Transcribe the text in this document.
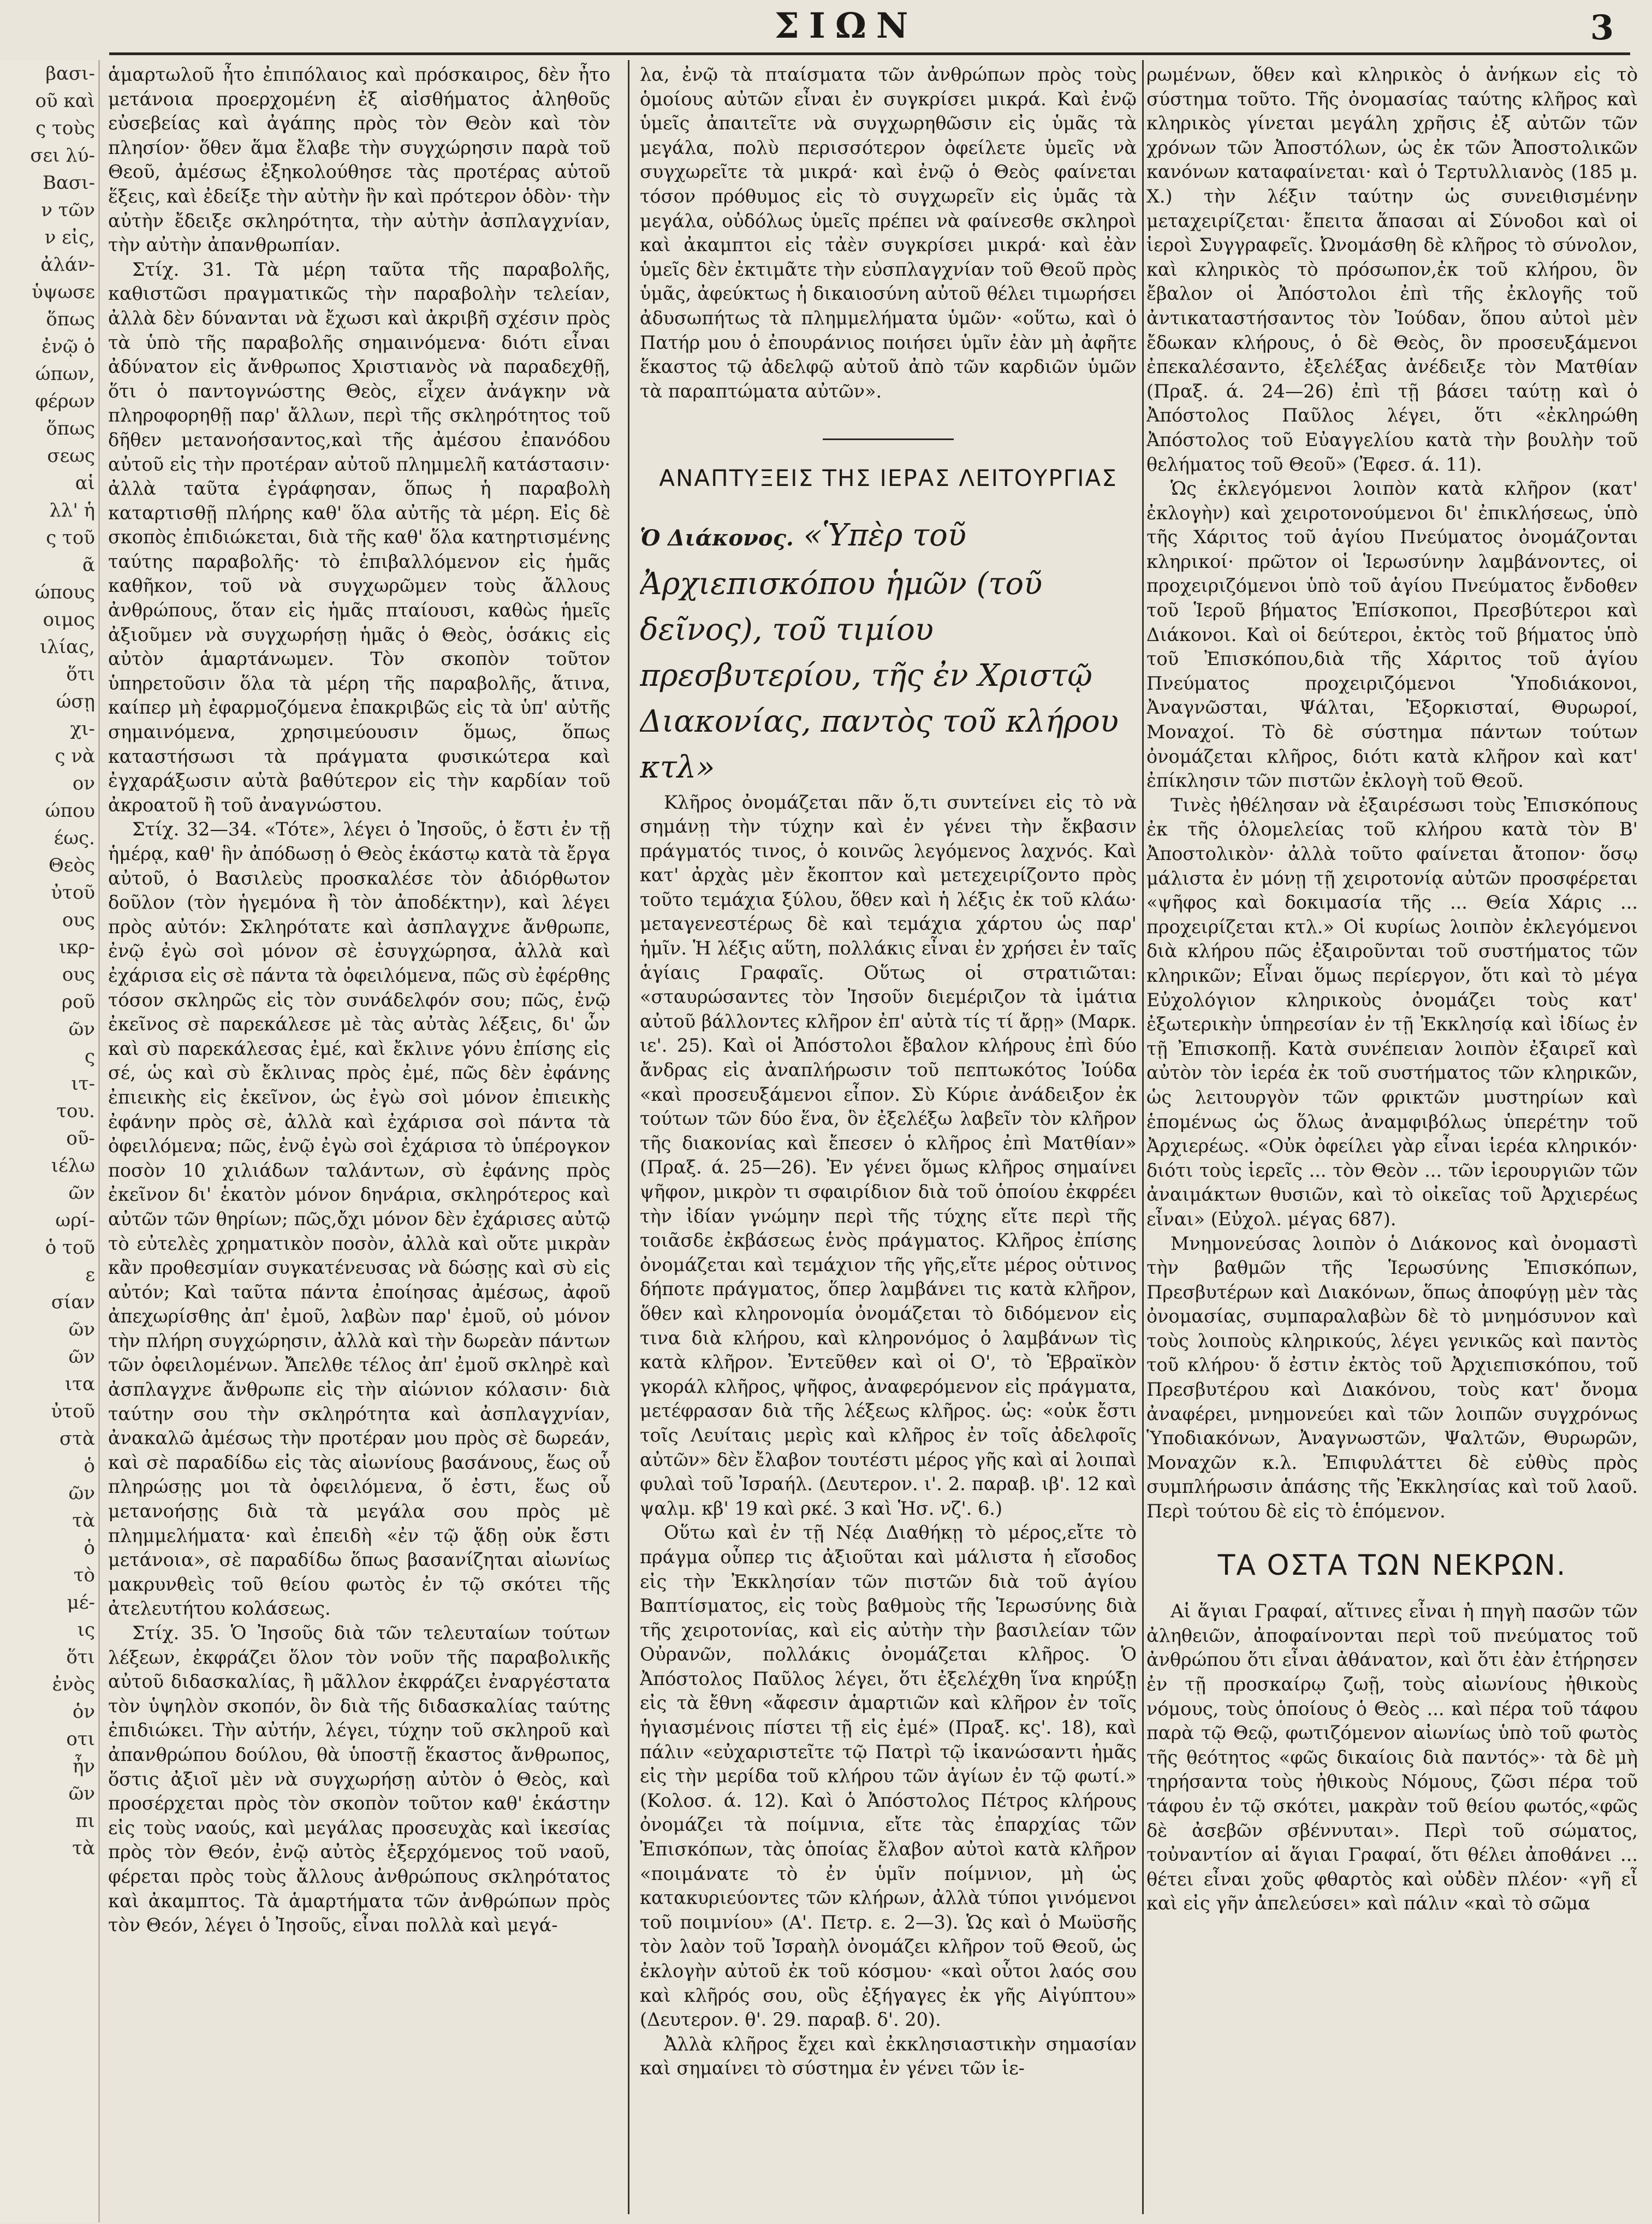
ΣΙΩΝ	3

βασι-

οῦ καὶ

ς τοὺς

σει λύ-

Βασι-

ν τῶν

ν εἰς,

ἀλάν-

ὑψωσε

ὅπως

ἐνῷ ὁ

ώπων,

φέρων

ὅπως

σεως

αἱ

λλ' ἡ

ς τοῦ

ᾶ

ώπους

οιμος

ιλίας,

ὅτι

ώσῃ

χι-

ς νὰ

ον

ώπου

έως.

Θεὸς

ὐτοῦ

ους

ικρ-

ους

ροῦ

ῶν

ς

ιτ-

του.

οῦ-

ιέλω

ῶν

ωρί-

ὁ τοῦ

ε

σίαν

ῶν

ῶν

ιτα

ὐτοῦ

στὰ

ὁ

ῶν

τὰ

ὁ

τὸ

μέ-

ις

ὅτι

ἐνὸς

ὁν

οτι

ἦν

ῶν

πι

τὰ

ἁμαρτωλοῦ ἦτο ἐπιπόλαιος καὶ πρόσκαιρος, δὲν ἦτο μετάνοια προερχομένη ἐξ αἰσθήματος ἀληθοῦς εὐσεβείας καὶ ἀγάπης πρὸς τὸν Θεὸν καὶ τὸν πλησίον· ὅθεν ἅμα ἔλαβε τὴν συγχώρησιν παρὰ τοῦ Θεοῦ, ἀμέσως ἐξηκολούθησε τὰς προτέρας αὑτοῦ ἕξεις, καὶ ἐδείξε τὴν αὐτὴν ἣν καὶ πρότερον ὁδὸν· τὴν αὐτὴν ἔδειξε σκληρότητα, τὴν αὐτὴν ἀσπλαγχνίαν, τὴν αὐτὴν ἀπανθρωπίαν.

Στίχ. 31. Τὰ μέρη ταῦτα τῆς παραβολῆς, καθιστῶσι πραγματικῶς τὴν παραβολὴν τελείαν, ἀλλὰ δὲν δύνανται νὰ ἔχωσι καὶ ἀκριβῆ σχέσιν πρὸς τὰ ὑπὸ τῆς παραβολῆς σημαινόμενα· διότι εἶναι ἀδύνατον εἰς ἄνθρωπος Χριστιανὸς νὰ παραδεχθῇ, ὅτι ὁ παντογνώστης Θεὸς, εἶχεν ἀνάγκην νὰ πληροφορηθῇ παρ' ἄλλων, περὶ τῆς σκληρότητος τοῦ δῆθεν μετανοήσαντος,καὶ τῆς ἀμέσου ἐπανόδου αὐτοῦ εἰς τὴν προτέραν αὐτοῦ πλημμελῆ κατάστασιν· ἀλλὰ ταῦτα ἐγράφησαν, ὅπως ἡ παραβολὴ καταρτισθῇ πλήρης καθ' ὅλα αὐτῆς τὰ μέρη. Εἰς δὲ σκοπὸς ἐπιδιώκεται, διὰ τῆς καθ' ὅλα κατηρτισμένης ταύτης παραβολῆς· τὸ ἐπιβαλλόμενον εἰς ἡμᾶς καθῆκον, τοῦ νὰ συγχωρῶμεν τοὺς ἄλλους ἀνθρώπους, ὅταν εἰς ἡμᾶς πταίουσι, καθὼς ἡμεῖς ἀξιοῦμεν νὰ συγχωρήσῃ ἡμᾶς ὁ Θεὸς, ὁσάκις εἰς αὐτὸν ἁμαρτάνωμεν. Τὸν σκοπὸν τοῦτον ὑπηρετοῦσιν ὅλα τὰ μέρη τῆς παραβολῆς, ἅτινα, καίπερ μὴ ἐφαρμοζόμενα ἐπακριβῶς εἰς τὰ ὑπ' αὐτῆς σημαινόμενα, χρησιμεύουσιν ὅμως, ὅπως καταστήσωσι τὰ πράγματα φυσικώτερα καὶ ἐγχαράξωσιν αὐτὰ βαθύτερον εἰς τὴν καρδίαν τοῦ ἀκροατοῦ ἢ τοῦ ἀναγνώστου.

Στίχ. 32—34. «Τότε», λέγει ὁ Ἰησοῦς, ὁ ἔστι ἐν τῇ ἡμέρᾳ, καθ' ἣν ἀπόδωσῃ ὁ Θεὸς ἑκάστῳ κατὰ τὰ ἔργα αὐτοῦ, ὁ Βασιλεὺς προσκαλέσε τὸν ἀδιόρθωτον δοῦλον (τὸν ἡγεμόνα ἢ τὸν ἀποδέκτην), καὶ λέγει πρὸς αὐτόν: Σκληρότατε καὶ ἀσπλαγχνε ἄνθρωπε, ἐνῷ ἐγὼ σοὶ μόνον σὲ ἐσυγχώρησα, ἀλλὰ καὶ ἐχάρισα εἰς σὲ πάντα τὰ ὀφειλόμενα, πῶς σὺ ἐφέρθης τόσον σκληρῶς εἰς τὸν συνάδελφόν σου; πῶς, ἐνῷ ἐκεῖνος σὲ παρεκάλεσε μὲ τὰς αὐτὰς λέξεις, δι' ὧν καὶ σὺ παρεκάλεσας ἐμέ, καὶ ἔκλινε γόνυ ἐπίσης εἰς σέ, ὡς καὶ σὺ ἔκλινας πρὸς ἐμέ, πῶς δὲν ἐφάνης ἐπιεικὴς εἰς ἐκεῖνον, ὡς ἐγὼ σοὶ μόνον ἐπιεικὴς ἐφάνην πρὸς σὲ, ἀλλὰ καὶ ἐχάρισα σοὶ πάντα τὰ ὀφειλόμενα; πῶς, ἐνῷ ἐγὼ σοὶ ἐχάρισα τὸ ὑπέρογκον ποσὸν 10 χιλιάδων ταλάντων, σὺ ἐφάνης πρὸς ἐκεῖνον δι' ἑκατὸν μόνον δηνάρια, σκληρότερος καὶ αὐτῶν τῶν θηρίων; πῶς,ὄχι μόνον δὲν ἐχάρισες αὐτῷ τὸ εὐτελὲς χρηματικὸν ποσὸν, ἀλλὰ καὶ οὔτε μικρὰν κἂν προθεσμίαν συγκατένευσας νὰ δώσῃς καὶ σὺ εἰς αὐτόν; Καὶ ταῦτα πάντα ἐποίησας ἀμέσως, ἀφοῦ ἀπεχωρίσθης ἀπ' ἐμοῦ, λαβὼν παρ' ἐμοῦ, οὐ μόνον τὴν πλήρη συγχώρησιν, ἀλλὰ καὶ τὴν δωρεὰν πάντων τῶν ὀφειλομένων. Ἄπελθε τέλος ἀπ' ἐμοῦ σκληρὲ καὶ ἀσπλαγχνε ἄνθρωπε εἰς τὴν αἰώνιον κόλασιν· διὰ ταύτην σου τὴν σκληρότητα καὶ ἀσπλαγχνίαν, ἀνακαλῶ ἀμέσως τὴν προτέραν μου πρὸς σὲ δωρεάν, καὶ σὲ παραδίδω εἰς τὰς αἰωνίους βασάνους, ἕως οὗ πληρώσῃς μοι τὰ ὀφειλόμενα, ὅ ἐστι, ἕως οὗ μετανοήσῃς διὰ τὰ μεγάλα σου πρὸς μὲ πλημμελήματα· καὶ ἐπειδὴ «ἐν τῷ ᾅδῃ οὐκ ἔστι μετάνοια», σὲ παραδίδω ὅπως βασανίζηται αἰωνίως μακρυνθεὶς τοῦ θείου φωτὸς ἐν τῷ σκότει τῆς ἀτελευτήτου κολάσεως.

Στίχ. 35. Ὁ Ἰησοῦς διὰ τῶν τελευταίων τούτων λέξεων, ἐκφράζει ὅλον τὸν νοῦν τῆς παραβολικῆς αὐτοῦ διδασκαλίας, ἢ μᾶλλον ἐκφράζει ἐναργέστατα τὸν ὑψηλὸν σκοπόν, ὃν διὰ τῆς διδασκαλίας ταύτης ἐπιδιώκει. Τὴν αὐτήν, λέγει, τύχην τοῦ σκληροῦ καὶ ἀπανθρώπου δούλου, θὰ ὑποστῇ ἕκαστος ἄνθρωπος, ὅστις ἀξιοῖ μὲν νὰ συγχωρήσῃ αὐτὸν ὁ Θεὸς, καὶ προσέρχεται πρὸς τὸν σκοπὸν τοῦτον καθ' ἑκάστην εἰς τοὺς ναούς, καὶ μεγάλας προσευχὰς καὶ ἱκεσίας πρὸς τὸν Θεόν, ἐνῷ αὐτὸς ἐξερχόμενος τοῦ ναοῦ, φέρεται πρὸς τοὺς ἄλλους ἀνθρώπους σκληρότατος καὶ ἀκαμπτος. Τὰ ἁμαρτήματα τῶν ἀνθρώπων πρὸς τὸν Θεόν, λέγει ὁ Ἰησοῦς, εἶναι πολλὰ καὶ μεγά-

λα, ἐνῷ τὰ πταίσματα τῶν ἀνθρώπων πρὸς τοὺς ὁμοίους αὐτῶν εἶναι ἐν συγκρίσει μικρά. Καὶ ἐνῷ ὑμεῖς ἀπαιτεῖτε νὰ συγχωρηθῶσιν εἰς ὑμᾶς τὰ μεγάλα, πολὺ περισσότερον ὀφείλετε ὑμεῖς νὰ συγχωρεῖτε τὰ μικρά· καὶ ἐνῷ ὁ Θεὸς φαίνεται τόσον πρόθυμος εἰς τὸ συγχωρεῖν εἰς ὑμᾶς τὰ μεγάλα, οὐδόλως ὑμεῖς πρέπει νὰ φαίνεσθε σκληροὶ καὶ ἀκαμπτοι εἰς τἀὲν συγκρίσει μικρά· καὶ ἐὰν ὑμεῖς δὲν ἐκτιμᾶτε τὴν εὐσπλαγχνίαν τοῦ Θεοῦ πρὸς ὑμᾶς, ἀφεύκτως ἡ δικαιοσύνη αὐτοῦ θέλει τιμωρήσει ἀδυσωπήτως τὰ πλημμελήματα ὑμῶν· «οὕτω, καὶ ὁ Πατήρ μου ὁ ἐπουράνιος ποιήσει ὑμῖν ἐὰν μὴ ἀφῆτε ἕκαστος τῷ ἀδελφῷ αὐτοῦ ἀπὸ τῶν καρδιῶν ὑμῶν τὰ παραπτώματα αὐτῶν».

ΑΝΑΠΤΥΞΕΙΣ ΤΗΣ ΙΕΡΑΣ ΛΕΙΤΟΥΡΓΙΑΣ

Ὁ Διάκονος. «Ὑπὲρ τοῦ Ἀρχιεπισκόπου ἡμῶν (τοῦ δεῖνος), τοῦ τιμίου πρεσβυτερίου, τῆς ἐν Χριστῷ Διακονίας, παντὸς τοῦ κλήρου κτλ»

Κλῆρος ὀνομάζεται πᾶν ὅ,τι συντείνει εἰς τὸ νὰ σημάνῃ τὴν τύχην καὶ ἐν γένει τὴν ἔκβασιν πράγματός τινος, ὁ κοινῶς λεγόμενος λαχνός. Καὶ κατ' ἀρχὰς μὲν ἔκοπτον καὶ μετεχειρίζοντο πρὸς τοῦτο τεμάχια ξύλου, ὅθεν καὶ ἡ λέξις ἐκ τοῦ κλάω· μεταγενεστέρως δὲ καὶ τεμάχια χάρτου ὡς παρ' ἡμῖν. Ἡ λέξις αὕτη, πολλάκις εἶναι ἐν χρήσει ἐν ταῖς ἁγίαις Γραφαῖς. Οὕτως οἱ στρατιῶται: «σταυρώσαντες τὸν Ἰησοῦν διεμέριζον τὰ ἱμάτια αὐτοῦ βάλλοντες κλῆρον ἐπ' αὐτὰ τίς τί ἄρῃ» (Μαρκ. ιε'. 25). Καὶ οἱ Ἀπόστολοι ἔβαλον κλήρους ἐπὶ δύο ἄνδρας εἰς ἀναπλήρωσιν τοῦ πεπτωκότος Ἰούδα «καὶ προσευξάμενοι εἶπον. Σὺ Κύριε ἀνάδειξον ἐκ τούτων τῶν δύο ἕνα, ὃν ἐξελέξω λαβεῖν τὸν κλῆρον τῆς διακονίας καὶ ἔπεσεν ὁ κλῆρος ἐπὶ Ματθίαν» (Πραξ. ά. 25—26). Ἐν γένει ὅμως κλῆρος σημαίνει ψῆφον, μικρὸν τι σφαιρίδιον διὰ τοῦ ὁποίου ἐκφρέει τὴν ἰδίαν γνώμην περὶ τῆς τύχης εἴτε περὶ τῆς τοιᾶσδε ἐκβάσεως ἑνὸς πράγματος. Κλῆρος ἐπίσης ὀνομάζεται καὶ τεμάχιον τῆς γῆς,εἴτε μέρος οὑτινος δήποτε πράγματος, ὅπερ λαμβάνει τις κατὰ κλῆρον, ὅθεν καὶ κληρονομία ὀνομάζεται τὸ διδόμενον εἰς τινα διὰ κλήρου, καὶ κληρονόμος ὁ λαμβάνων τὶς κατὰ κλῆρον. Ἐντεῦθεν καὶ οἱ Ο', τὸ Ἑβραϊκὸν γκοράλ κλῆρος, ψῆφος, ἀναφερόμενον εἰς πράγματα, μετέφρασαν διὰ τῆς λέξεως κλῆρος. ὡς: «οὐκ ἔστι τοῖς Λευίταις μερὶς καὶ κλῆρος ἐν τοῖς ἀδελφοῖς αὐτῶν» δὲν ἔλαβον τουτέστι μέρος γῆς καὶ αἱ λοιπαὶ φυλαὶ τοῦ Ἰσραήλ. (Δευτερον. ι'. 2. παραβ. ιβ'. 12 καὶ ψαλμ. κβ' 19 καὶ ρκέ. 3 καὶ Ἡσ. νζ'. 6.)

Οὕτω καὶ ἐν τῇ Νέᾳ Διαθήκῃ τὸ μέρος,εἴτε τὸ πράγμα οὗπερ τις ἀξιοῦται καὶ μάλιστα ἡ εἴσοδος εἰς τὴν Ἐκκλησίαν τῶν πιστῶν διὰ τοῦ ἁγίου Βαπτίσματος, εἰς τοὺς βαθμοὺς τῆς Ἱερωσύνης διὰ τῆς χειροτονίας, καὶ εἰς αὐτὴν τὴν βασιλείαν τῶν Οὐρανῶν, πολλάκις ὀνομάζεται κλῆρος. Ὁ Ἀπόστολος Παῦλος λέγει, ὅτι ἐξελέχθη ἵνα κηρύξῃ εἰς τὰ ἔθνη «ἄφεσιν ἁμαρτιῶν καὶ κλῆρον ἐν τοῖς ἡγιασμένοις πίστει τῇ εἰς ἐμέ» (Πραξ. κς'. 18), καὶ πάλιν «εὐχαριστεῖτε τῷ Πατρὶ τῷ ἱκανώσαντι ἡμᾶς εἰς τὴν μερίδα τοῦ κλήρου τῶν ἁγίων ἐν τῷ φωτί.» (Κολοσ. ά. 12). Καὶ ὁ Ἀπόστολος Πέτρος κλήρους ὀνομάζει τὰ ποίμνια, εἴτε τὰς ἐπαρχίας τῶν Ἐπισκόπων, τὰς ὁποίας ἔλαβον αὐτοὶ κατὰ κλῆρον «ποιμάνατε τὸ ἐν ὑμῖν ποίμνιον, μὴ ὡς κατακυριεύοντες τῶν κλήρων, ἀλλὰ τύποι γινόμενοι τοῦ ποιμνίου» (Α'. Πετρ. ε. 2—3). Ὡς καὶ ὁ Μωϋσῆς τὸν λαὸν τοῦ Ἰσραὴλ ὀνομάζει κλῆρον τοῦ Θεοῦ, ὡς ἐκλογὴν αὐτοῦ ἐκ τοῦ κόσμου· «καὶ οὗτοι λαός σου καὶ κλῆρός σου, οὓς ἐξήγαγες ἐκ γῆς Αἰγύπτου» (Δευτερον. θ'. 29. παραβ. δ'. 20).

Ἀλλὰ κλῆρος ἔχει καὶ ἐκκλησιαστικὴν σημασίαν καὶ σημαίνει τὸ σύστημα ἐν γένει τῶν ἱε-

ρωμένων, ὅθεν καὶ κληρικὸς ὁ ἀνήκων εἰς τὸ σύστημα τοῦτο. Τῆς ὀνομασίας ταύτης κλῆρος καὶ κληρικὸς γίνεται μεγάλη χρῆσις ἐξ αὐτῶν τῶν χρόνων τῶν Ἀποστόλων, ὡς ἐκ τῶν Ἀποστολικῶν κανόνων καταφαίνεται· καὶ ὁ Τερτυλλιανὸς (185 μ. Χ.) τὴν λέξιν ταύτην ὡς συνειθισμένην μεταχειρίζεται· ἔπειτα ἅπασαι αἱ Σύνοδοι καὶ οἱ ἱεροὶ Συγγραφεῖς. Ὠνομάσθη δὲ κλῆρος τὸ σύνολον, καὶ κληρικὸς τὸ πρόσωπον,ἐκ τοῦ κλήρου, ὃν ἔβαλον οἱ Ἀπόστολοι ἐπὶ τῆς ἐκλογῆς τοῦ ἀντικαταστήσαντος τὸν Ἰούδαν, ὅπου αὐτοὶ μὲν ἔδωκαν κλήρους, ὁ δὲ Θεὸς, ὃν προσευξάμενοι ἐπεκαλέσαντο, ἐξελέξας ἀνέδειξε τὸν Ματθίαν (Πραξ. ά. 24—26) ἐπὶ τῇ βάσει ταύτῃ καὶ ὁ Ἀπόστολος Παῦλος λέγει, ὅτι «ἐκληρώθη Ἀπόστολος τοῦ Εὐαγγελίου κατὰ τὴν βουλὴν τοῦ θελήματος τοῦ Θεοῦ» (Ἐφεσ. ά. 11).

Ὡς ἐκλεγόμενοι λοιπὸν κατὰ κλῆρον (κατ' ἐκλογὴν) καὶ χειροτονούμενοι δι' ἐπικλήσεως, ὑπὸ τῆς Χάριτος τοῦ ἁγίου Πνεύματος ὀνομάζονται κληρικοί· πρῶτον οἱ Ἱερωσύνην λαμβάνοντες, οἱ προχειριζόμενοι ὑπὸ τοῦ ἁγίου Πνεύματος ἔνδοθεν τοῦ Ἱεροῦ βήματος Ἐπίσκοποι, Πρεσβύτεροι καὶ Διάκονοι. Καὶ οἱ δεύτεροι, ἐκτὸς τοῦ βήματος ὑπὸ τοῦ Ἐπισκόπου,διὰ τῆς Χάριτος τοῦ ἁγίου Πνεύματος προχειριζόμενοι Ὑποδιάκονοι, Ἀναγνῶσται, Ψάλται, Ἐξορκισταί, Θυρωροί, Μοναχοί. Τὸ δὲ σύστημα πάντων τούτων ὀνομάζεται κλῆρος, διότι κατὰ κλῆρον καὶ κατ' ἐπίκλησιν τῶν πιστῶν ἐκλογὴ τοῦ Θεοῦ.

Τινὲς ἠθέλησαν νὰ ἐξαιρέσωσι τοὺς Ἐπισκόπους ἐκ τῆς ὁλομελείας τοῦ κλήρου κατὰ τὸν Β' Ἀποστολικὸν· ἀλλὰ τοῦτο φαίνεται ἄτοπον· ὅσῳ μάλιστα ἐν μόνῃ τῇ χειροτονίᾳ αὐτῶν προσφέρεται «ψῆφος καὶ δοκιμασία τῆς ... Θεία Χάρις ... προχειρίζεται κτλ.» Οἱ κυρίως λοιπὸν ἐκλεγόμενοι διὰ κλήρου πῶς ἐξαιροῦνται τοῦ συστήματος τῶν κληρικῶν; Εἶναι ὅμως περίεργον, ὅτι καὶ τὸ μέγα Εὐχολόγιον κληρικοὺς ὀνομάζει τοὺς κατ' ἐξωτερικὴν ὑπηρεσίαν ἐν τῇ Ἐκκλησίᾳ καὶ ἰδίως ἐν τῇ Ἐπισκοπῇ. Κατὰ συνέπειαν λοιπὸν ἐξαιρεῖ καὶ αὐτὸν τὸν ἱερέα ἐκ τοῦ συστήματος τῶν κληρικῶν, ὡς λειτουργὸν τῶν φρικτῶν μυστηρίων καὶ ἑπομένως ὡς ὅλως ἀναμφιβόλως ὑπερέτην τοῦ Ἀρχιερέως. «Οὐκ ὀφείλει γὰρ εἶναι ἱερέα κληρικόν· διότι τοὺς ἱερεῖς ... τὸν Θεὸν ... τῶν ἱερουργιῶν τῶν ἀναιμάκτων θυσιῶν, καὶ τὸ οἰκεῖας τοῦ Ἀρχιερέως εἶναι» (Εὐχολ. μέγας 687).

Μνημονεύσας λοιπὸν ὁ Διάκονος καὶ ὀνομαστὶ τὴν βαθμῶν τῆς Ἱερωσύνης Ἐπισκόπων, Πρεσβυτέρων καὶ Διακόνων, ὅπως ἀποφύγῃ μὲν τὰς ὀνομασίας, συμπαραλαβὼν δὲ τὸ μνημόσυνον καὶ τοὺς λοιποὺς κληρικούς, λέγει γενικῶς καὶ παντὸς τοῦ κλήρου· ὅ ἐστιν ἐκτὸς τοῦ Ἀρχιεπισκόπου, τοῦ Πρεσβυτέρου καὶ Διακόνου, τοὺς κατ' ὄνομα ἀναφέρει, μνημονεύει καὶ τῶν λοιπῶν συγχρόνως Ὑποδιακόνων, Ἀναγνωστῶν, Ψαλτῶν, Θυρωρῶν, Μοναχῶν κ.λ. Ἐπιφυλάττει δὲ εὐθὺς πρὸς συμπλήρωσιν ἁπάσης τῆς Ἐκκλησίας καὶ τοῦ λαοῦ. Περὶ τούτου δὲ εἰς τὸ ἑπόμενον.

ΤΑ ΟΣΤΑ ΤΩΝ ΝΕΚΡΩΝ.

Αἱ ἅγιαι Γραφαί, αἵτινες εἶναι ἡ πηγὴ πασῶν τῶν ἀληθειῶν, ἀποφαίνονται περὶ τοῦ πνεύματος τοῦ ἀνθρώπου ὅτι εἶναι ἀθάνατον, καὶ ὅτι ἐὰν ἐτήρησεν ἐν τῇ προσκαίρῳ ζωῇ, τοὺς αἰωνίους ἠθικοὺς νόμους, τοὺς ὁποίους ὁ Θεὸς ... καὶ πέρα τοῦ τάφου παρὰ τῷ Θεῷ, φωτιζόμενον αἰωνίως ὑπὸ τοῦ φωτὸς τῆς θεότητος «φῶς δικαίοις διὰ παντός»· τὰ δὲ μὴ τηρήσαντα τοὺς ἠθικοὺς Νόμους, ζῶσι πέρα τοῦ τάφου ἐν τῷ σκότει, μακρὰν τοῦ θείου φωτός,«φῶς δὲ ἀσεβῶν σβέννυται». Περὶ τοῦ σώματος, τοὐναντίον αἱ ἅγιαι Γραφαί, ὅτι θέλει ἀποθάνει ... θέτει εἶναι χοῦς φθαρτὸς καὶ οὐδὲν πλέον· «γῆ εἶ καὶ εἰς γῆν ἀπελεύσει» καὶ πάλιν «καὶ τὸ σῶμα
